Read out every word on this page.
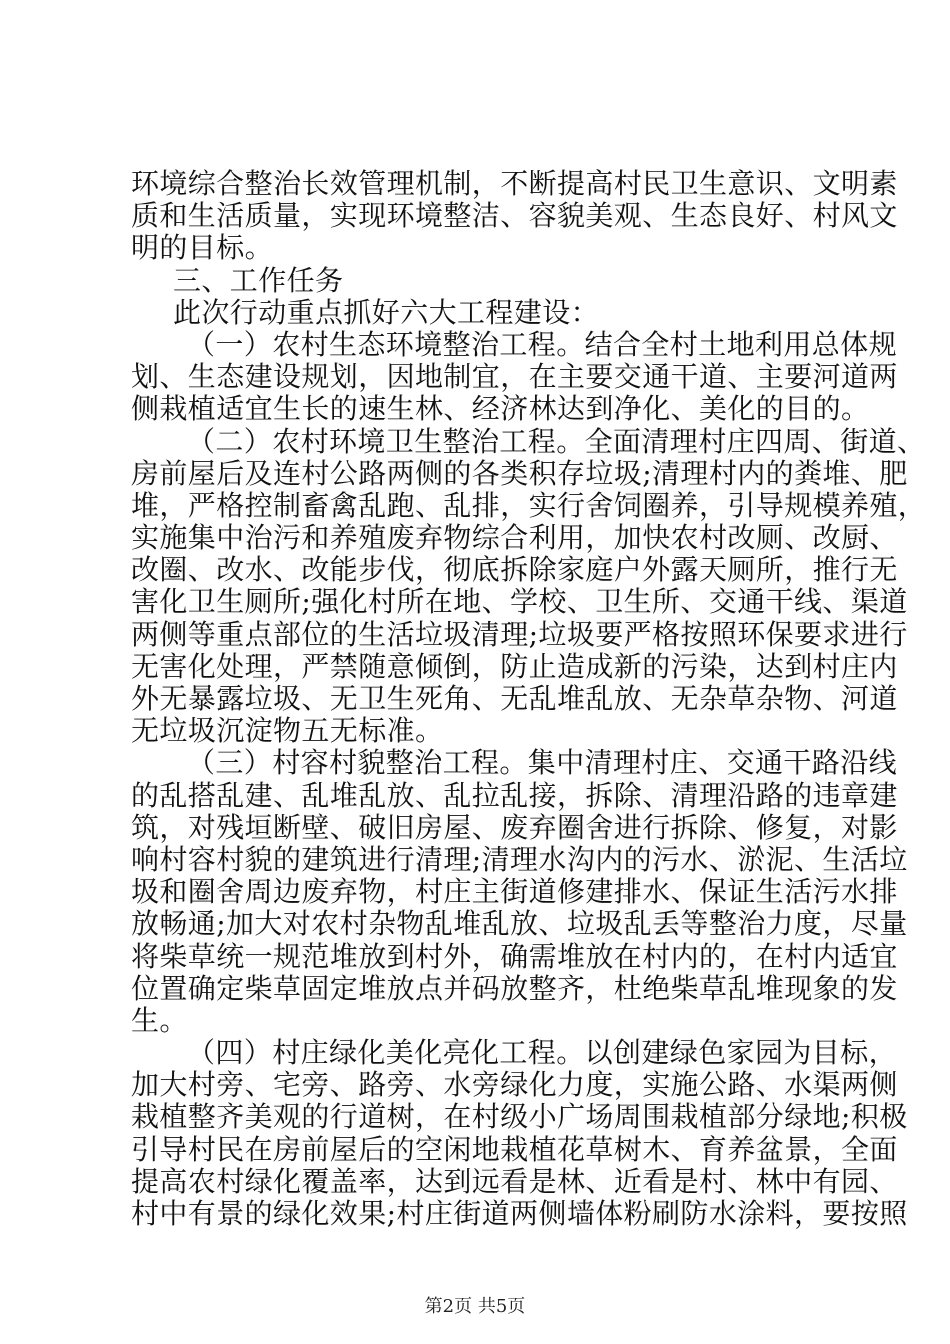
环境综合整治长效管理机制，不断提高村民卫生意识、文明素
质和生活质量，实现环境整洁、容貌美观、生态良好、村风文
明的目标。
三、工作任务
此次行动重点抓好六大工程建设：
（一）农村生态环境整治工程。结合全村土地利用总体规
划、生态建设规划，因地制宜，在主要交通干道、主要河道两
侧栽植适宜生长的速生林、经济林达到净化、美化的目的。
（二）农村环境卫生整治工程。全面清理村庄四周、街道、
房前屋后及连村公路两侧的各类积存垃圾;清理村内的粪堆、肥
堆，严格控制畜禽乱跑、乱排，实行舍饲圈养，引导规模养殖，
实施集中治污和养殖废弃物综合利用，加快农村改厕、改厨、
改圈、改水、改能步伐，彻底拆除家庭户外露天厕所，推行无
害化卫生厕所;强化村所在地、学校、卫生所、交通干线、渠道
两侧等重点部位的生活垃圾清理;垃圾要严格按照环保要求进行
无害化处理，严禁随意倾倒，防止造成新的污染，达到村庄内
外无暴露垃圾、无卫生死角、无乱堆乱放、无杂草杂物、河道
无垃圾沉淀物五无标准。
（三）村容村貌整治工程。集中清理村庄、交通干路沿线
的乱搭乱建、乱堆乱放、乱拉乱接，拆除、清理沿路的违章建
筑，对残垣断壁、破旧房屋、废弃圈舍进行拆除、修复，对影
响村容村貌的建筑进行清理;清理水沟内的污水、淤泥、生活垃
圾和圈舍周边废弃物，村庄主街道修建排水、保证生活污水排
放畅通;加大对农村杂物乱堆乱放、垃圾乱丢等整治力度，尽量
将柴草统一规范堆放到村外，确需堆放在村内的，在村内适宜
位置确定柴草固定堆放点并码放整齐，杜绝柴草乱堆现象的发
生。
（四）村庄绿化美化亮化工程。以创建绿色家园为目标，
加大村旁、宅旁、路旁、水旁绿化力度，实施公路、水渠两侧
栽植整齐美观的行道树，在村级小广场周围栽植部分绿地;积极
引导村民在房前屋后的空闲地栽植花草树木、育养盆景，全面
提高农村绿化覆盖率，达到远看是林、近看是村、林中有园、
村中有景的绿化效果;村庄街道两侧墙体粉刷防水涂料，要按照
第2页 共5页
